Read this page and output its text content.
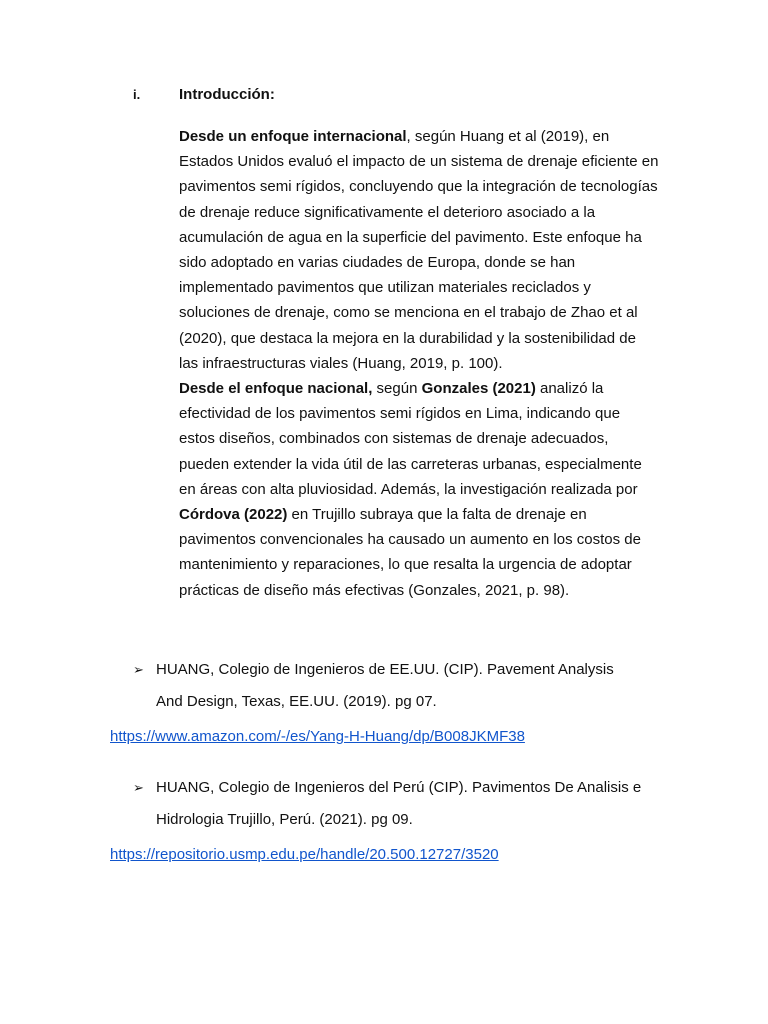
i.	Introducción:

Desde un enfoque internacional, según Huang et al (2019), en Estados Unidos evaluó el impacto de un sistema de drenaje eficiente en pavimentos semi rígidos, concluyendo que la integración de tecnologías de drenaje reduce significativamente el deterioro asociado a la acumulación de agua en la superficie del pavimento. Este enfoque ha sido adoptado en varias ciudades de Europa, donde se han implementado pavimentos que utilizan materiales reciclados y soluciones de drenaje, como se menciona en el trabajo de Zhao et al (2020), que destaca la mejora en la durabilidad y la sostenibilidad de las infraestructuras viales (Huang, 2019, p. 100).

Desde el enfoque nacional, según Gonzales (2021) analizó la efectividad de los pavimentos semi rígidos en Lima, indicando que estos diseños, combinados con sistemas de drenaje adecuados, pueden extender la vida útil de las carreteras urbanas, especialmente en áreas con alta pluviosidad. Además, la investigación realizada por Córdova (2022) en Trujillo subraya que la falta de drenaje en pavimentos convencionales ha causado un aumento en los costos de mantenimiento y reparaciones, lo que resalta la urgencia de adoptar prácticas de diseño más efectivas (Gonzales, 2021, p. 98).

➢ HUANG, Colegio de Ingenieros de EE.UU. (CIP). Pavement Analysis
And Design, Texas, EE.UU. (2019). pg 07.
https://www.amazon.com/-/es/Yang-H-Huang/dp/B008JKMF38
➢ HUANG, Colegio de Ingenieros del Perú (CIP). Pavimentos De Analisis e
Hidrologia Trujillo, Perú. (2021). pg 09.
https://repositorio.usmp.edu.pe/handle/20.500.12727/3520
